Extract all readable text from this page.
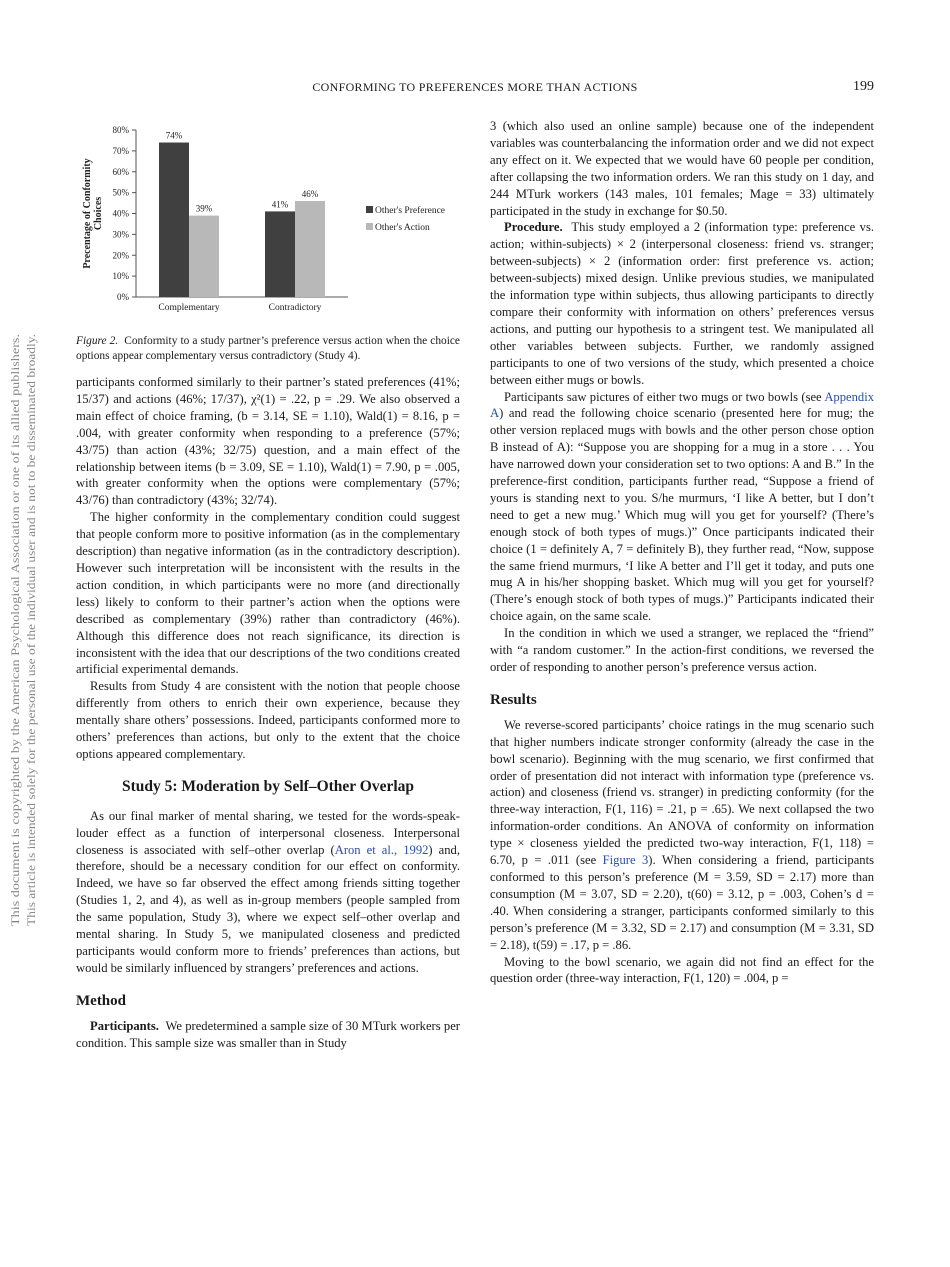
This document is copyrighted by the American Psychological Association or one of its allied publishers. This article is intended solely for the personal use of the individual user and is not to be disseminated broadly.
CONFORMING TO PREFERENCES MORE THAN ACTIONS	199
0%
10%
20%
30%
40%
50%
60%
70%
80%
Precentage of Conformity Choices
74%
39%
Complementary
41%
46%
Contradictory
Other's Preference
Other's Action

Figure 2. Conformity to a study partner’s preference versus action when the choice options appear complementary versus contradictory (Study 4).

participants conformed similarly to their partner’s stated preferences (41%; 15/37) and actions (46%; 17/37), χ²(1) = .22, p = .29. We also observed a main effect of choice framing, (b = 3.14, SE = 1.10), Wald(1) = 8.16, p = .004, with greater conformity when responding to a preference (57%; 43/75) than action (43%; 32/75) question, and a main effect of the relationship between items (b = 3.09, SE = 1.10), Wald(1) = 7.90, p = .005, with greater conformity when the options were complementary (57%; 43/76) than contradictory (43%; 32/74).

The higher conformity in the complementary condition could suggest that people conform more to positive information (as in the complementary description) than negative information (as in the contradictory description). However such interpretation will be inconsistent with the results in the action condition, in which participants were no more (and directionally less) likely to conform to their partner’s action when the options were described as complementary (39%) rather than contradictory (46%). Although this difference does not reach significance, its direction is inconsistent with the idea that our descriptions of the two conditions created artificial experimental demands.

Results from Study 4 are consistent with the notion that people choose differently from others to enrich their own experience, because they mentally share others’ possessions. Indeed, participants conformed more to others’ preferences than actions, but only to the extent that the choice options appeared complementary.

Study 5: Moderation by Self–Other Overlap

As our final marker of mental sharing, we tested for the words-speak-louder effect as a function of interpersonal closeness. Interpersonal closeness is associated with self–other overlap (Aron et al., 1992) and, therefore, should be a necessary condition for our effect on conformity. Indeed, we have so far observed the effect among friends sitting together (Studies 1, 2, and 4), as well as in-group members (people sampled from the same population, Study 3), where we expect self–other overlap and mental sharing. In Study 5, we manipulated closeness and predicted participants would conform more to friends’ preferences than actions, but would be similarly influenced by strangers’ preferences and actions.

Method

Participants. We predetermined a sample size of 30 MTurk workers per condition. This sample size was smaller than in Study

3 (which also used an online sample) because one of the independent variables was counterbalancing the information order and we did not expect any effect on it. We expected that we would have 60 people per condition, after collapsing the two information orders. We ran this study on 1 day, and 244 MTurk workers (143 males, 101 females; Mage = 33) ultimately participated in the study in exchange for $0.50.

Procedure. This study employed a 2 (information type: preference vs. action; within-subjects) × 2 (interpersonal closeness: friend vs. stranger; between-subjects) × 2 (information order: first preference vs. action; between-subjects) mixed design. Unlike previous studies, we manipulated the information type within subjects, thus allowing participants to directly compare their conformity with information on others’ preferences versus actions, and putting our hypothesis to a stringent test. We manipulated all other variables between subjects. Further, we randomly assigned participants to one of two versions of the study, which presented a choice between either mugs or bowls.

Participants saw pictures of either two mugs or two bowls (see Appendix A) and read the following choice scenario (presented here for mug; the other version replaced mugs with bowls and the other person chose option B instead of A): “Suppose you are shopping for a mug in a store . . . You have narrowed down your consideration set to two options: A and B.” In the preference-first condition, participants further read, “Suppose a friend of yours is standing next to you. S/he murmurs, ‘I like A better, but I don’t need to get a new mug.’ Which mug will you get for yourself? (There’s enough stock of both types of mugs.)” Once participants indicated their choice (1 = definitely A, 7 = definitely B), they further read, “Now, suppose the same friend murmurs, ‘I like A better and I’ll get it today, and puts one mug A in his/her shopping basket. Which mug will you get for yourself? (There’s enough stock of both types of mugs.)” Participants indicated their choice again, on the same scale.

In the condition in which we used a stranger, we replaced the “friend” with “a random customer.” In the action-first conditions, we reversed the order of responding to another person’s preference versus action.

Results

We reverse-scored participants’ choice ratings in the mug scenario such that higher numbers indicate stronger conformity (already the case in the bowl scenario). Beginning with the mug scenario, we first confirmed that order of presentation did not interact with information type (preference vs. action) and closeness (friend vs. stranger) in predicting conformity (for the three-way interaction, F(1, 116) = .21, p = .65). We next collapsed the two information-order conditions. An ANOVA of conformity on information type × closeness yielded the predicted two-way interaction, F(1, 118) = 6.70, p = .011 (see Figure 3). When considering a friend, participants conformed to this person’s preference (M = 3.59, SD = 2.17) more than consumption (M = 3.07, SD = 2.20), t(60) = 3.12, p = .003, Cohen’s d = .40. When considering a stranger, participants conformed similarly to this person’s preference (M = 3.32, SD = 2.17) and consumption (M = 3.31, SD = 2.18), t(59) = .17, p = .86.

Moving to the bowl scenario, we again did not find an effect for the question order (three-way interaction, F(1, 120) = .004, p =
